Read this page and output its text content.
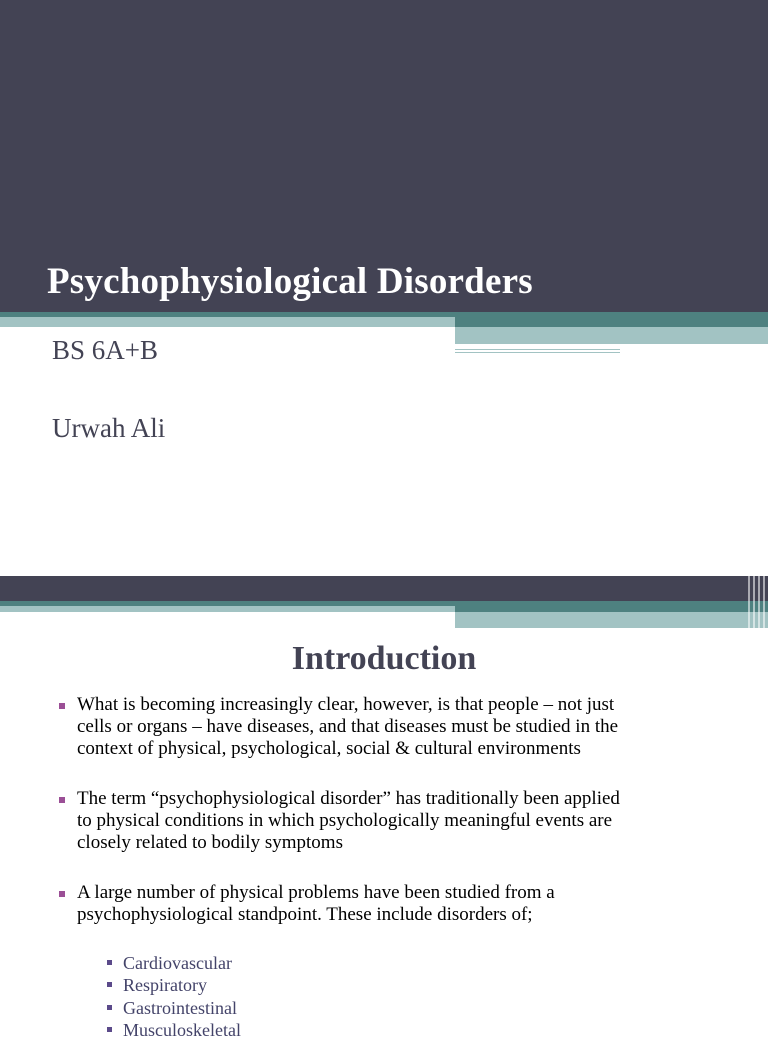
Psychophysiological Disorders
BS 6A+B
Urwah Ali
Introduction
What is becoming increasingly clear, however, is that people – not just
cells or organs – have diseases, and that diseases must be studied in the
context of physical, psychological, social & cultural environments
The term “psychophysiological disorder” has traditionally been applied
to physical conditions in which psychologically meaningful events are
closely related to bodily symptoms
A large number of physical problems have been studied from a
psychophysiological standpoint. These include disorders of;
Cardiovascular
Respiratory
Gastrointestinal
Musculoskeletal
